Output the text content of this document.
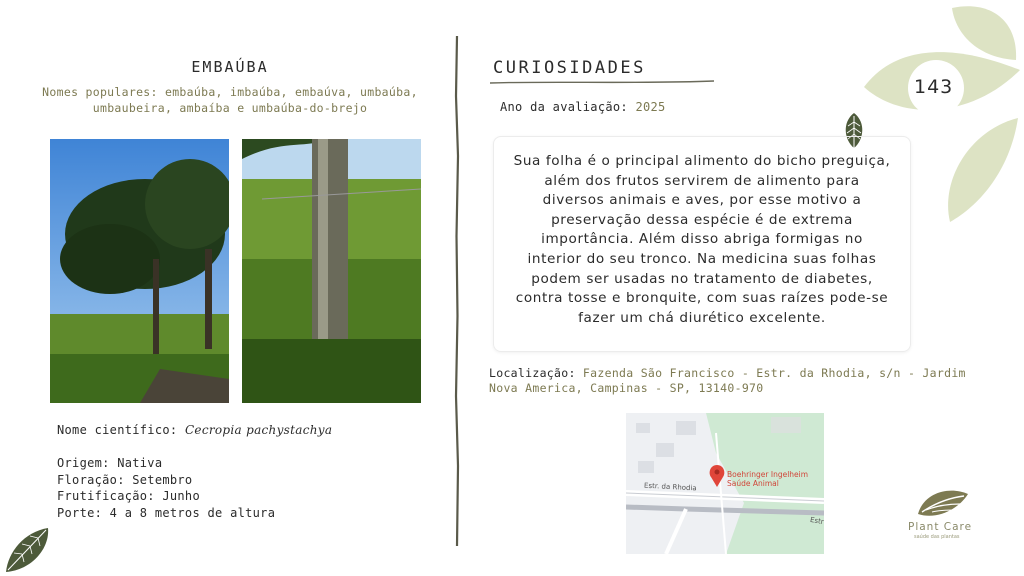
143
EMBAÚBA
Nomes populares: embaúba, imbaúba, embaúva, umbaúba, umbaubeira, ambaíba e umbaúba-do-brejo
Nome científico: Cecropia pachystachya
Origem: Nativa
Floração: Setembro
Frutificação: Junho
Porte: 4 a 8 metros de altura
CURIOSIDADES
Ano da avaliação: 2025
Sua folha é o principal alimento do bicho preguiça, além dos frutos servirem de alimento para diversos animais e aves, por esse motivo a preservação dessa espécie é de extrema importância. Além disso abriga formigas no interior do seu tronco. Na medicina suas folhas podem ser usadas no tratamento de diabetes, contra tosse e bronquite, com suas raízes pode-se fazer um chá diurético excelente.
Localização: Fazenda São Francisco - Estr. da Rhodia, s/n - Jardim Nova America, Campinas - SP, 13140-970
Boehringer Ingelheim
Saúde Animal
Estr. da Rhodia
Estr	Plant Care
saúde das plantas
